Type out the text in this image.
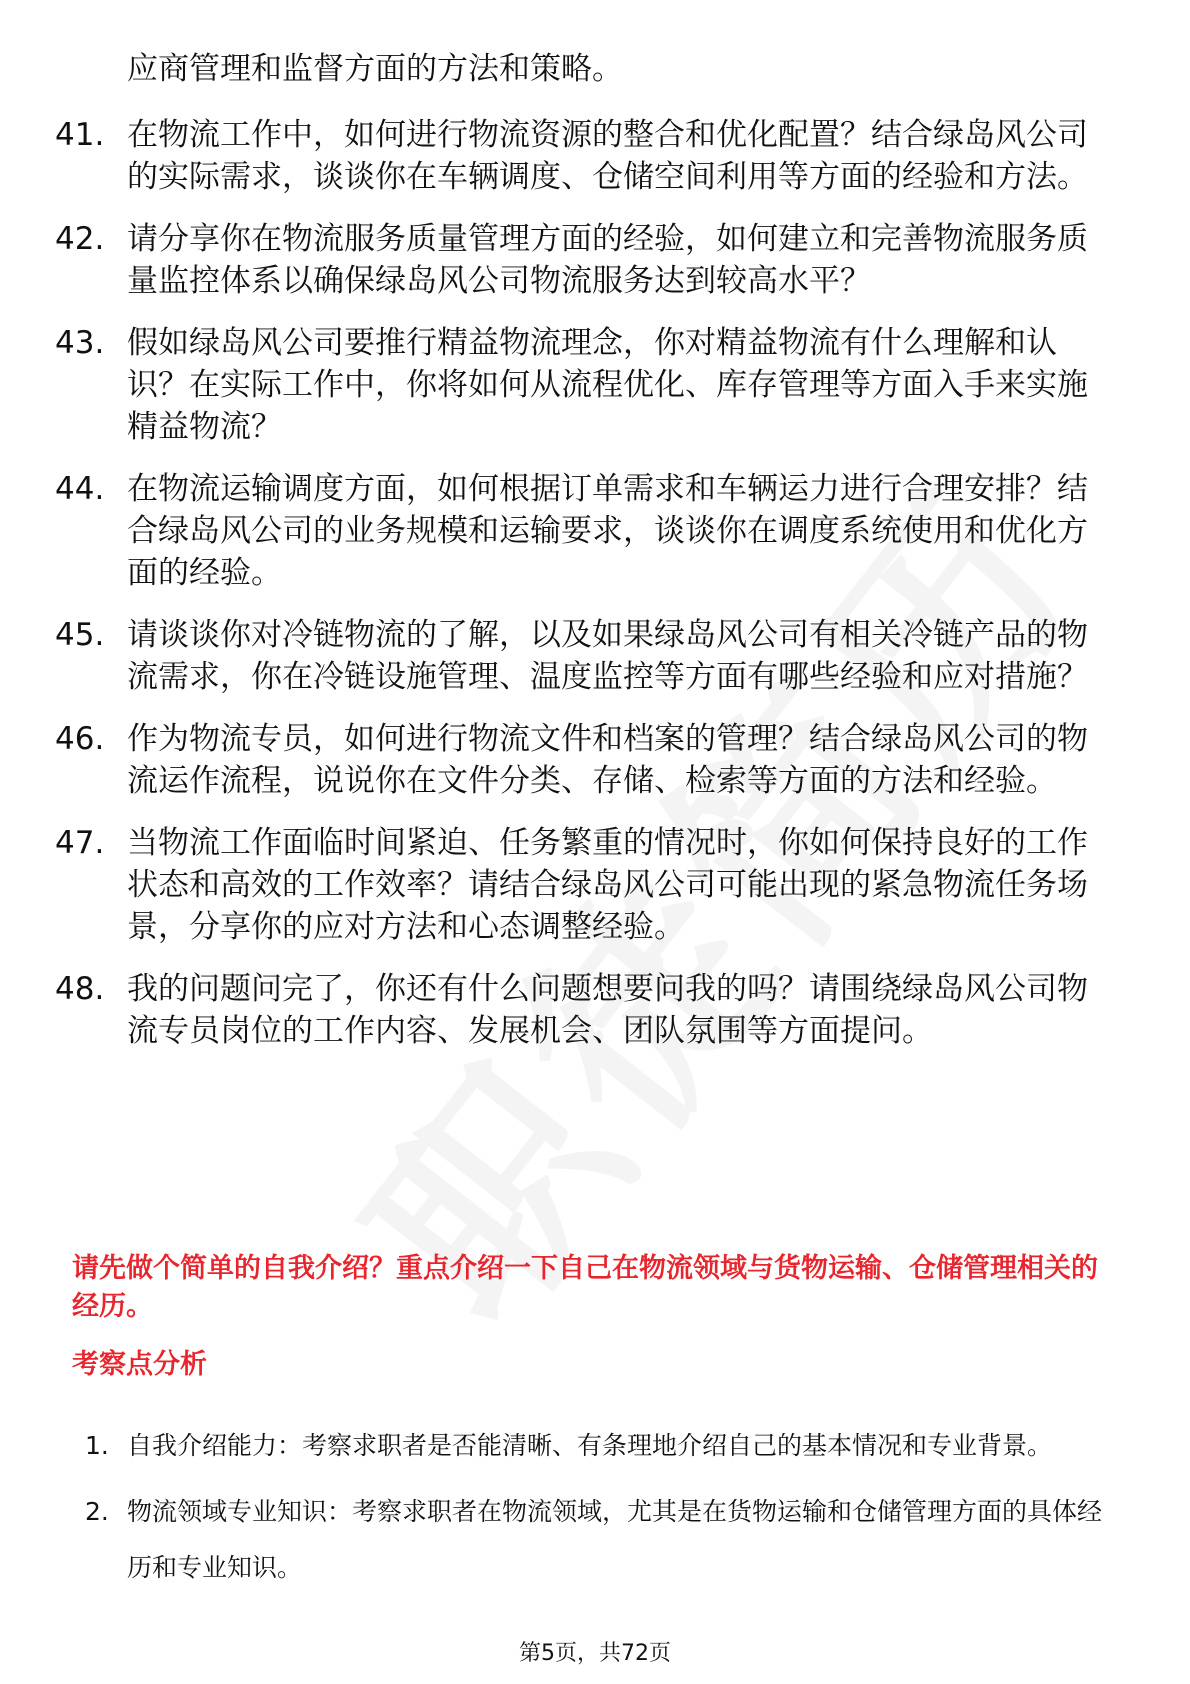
应商管理和监督方面的方法和策略。

41. 在物流工作中，如何进行物流资源的整合和优化配置？结合绿岛风公司的实际需求，谈谈你在车辆调度、仓储空间利用等方面的经验和方法。
42. 请分享你在物流服务质量管理方面的经验，如何建立和完善物流服务质量监控体系以确保绿岛风公司物流服务达到较高水平？
43. 假如绿岛风公司要推行精益物流理念，你对精益物流有什么理解和认识？在实际工作中，你将如何从流程优化、库存管理等方面入手来实施精益物流？
44. 在物流运输调度方面，如何根据订单需求和车辆运力进行合理安排？结合绿岛风公司的业务规模和运输要求，谈谈你在调度系统使用和优化方面的经验。
45. 请谈谈你对冷链物流的了解，以及如果绿岛风公司有相关冷链产品的物流需求，你在冷链设施管理、温度监控等方面有哪些经验和应对措施？
46. 作为物流专员，如何进行物流文件和档案的管理？结合绿岛风公司的物流运作流程，说说你在文件分类、存储、检索等方面的方法和经验。
47. 当物流工作面临时间紧迫、任务繁重的情况时，你如何保持良好的工作状态和高效的工作效率？请结合绿岛风公司可能出现的紧急物流任务场景，分享你的应对方法和心态调整经验。
48. 我的问题问完了，你还有什么问题想要问我的吗？请围绕绿岛风公司物流专员岗位的工作内容、发展机会、团队氛围等方面提问。

请先做个简单的自我介绍？重点介绍一下自己在物流领域与货物运输、仓储管理相关的经历。

考察点分析
1. 自我介绍能力：考察求职者是否能清晰、有条理地介绍自己的基本情况和专业背景。
2. 物流领域专业知识：考察求职者在物流领域，尤其是在货物运输和仓储管理方面的具体经历和专业知识。
第5页，共72页
